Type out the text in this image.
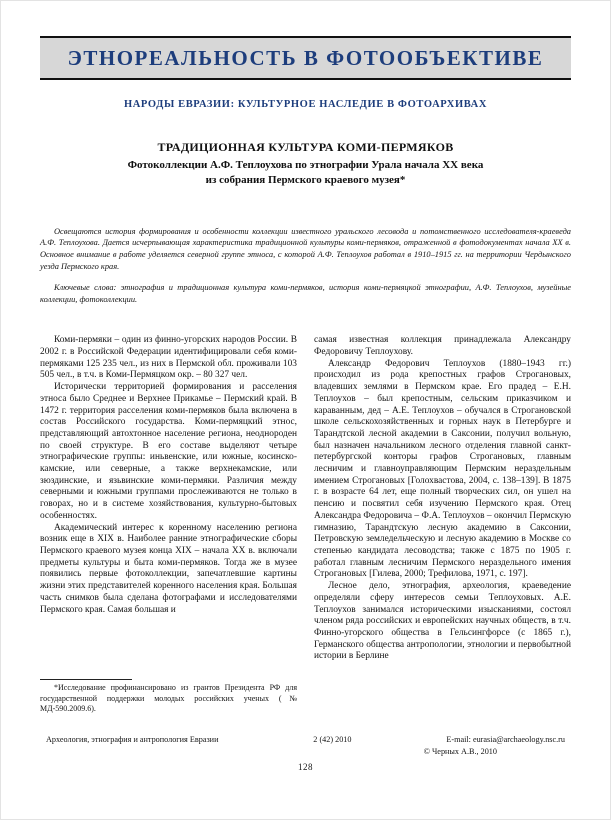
ЭТНОРЕАЛЬНОСТЬ В ФОТООБЪЕКТИВЕ
НАРОДЫ ЕВРАЗИИ: КУЛЬТУРНОЕ НАСЛЕДИЕ В ФОТОАРХИВАХ
ТРАДИЦИОННАЯ КУЛЬТУРА КОМИ-ПЕРМЯКОВ
Фотоколлекции А.Ф. Теплоухова по этнографии Урала начала XX века
из собрания Пермского краевого музея*

Освещаются история формирования и особенности коллекции известного уральского лесовода и потомственного исследователя-краеведа А.Ф. Теплоухова. Дается исчерпывающая характеристика традиционной культуры коми-пермяков, отраженной в фотодокументах начала XX в. Основное внимание в работе уделяется северной группе этноса, с которой А.Ф. Теплоухов работал в 1910–1915 гг. на территории Чердынского уезда Пермского края.

Ключевые слова: этнография и традиционная культура коми-пермяков, история коми-пермяцкой этнографии, А.Ф. Теплоухов, музейные коллекции, фотоколлекции.

Коми-пермяки – один из финно-угорских народов России. В 2002 г. в Российской Федерации идентифицировали себя коми-пермяками 125 235 чел., из них в Пермской обл. проживали 103 505 чел., в т.ч. в Коми-Пермяцком окр. – 80 327 чел.

Исторически территорией формирования и расселения этноса было Среднее и Верхнее Прикамье – Пермский край. В 1472 г. территория расселения коми-пермяков была включена в состав Российского государства. Коми-пермяцкий этнос, представляющий автохтонное население региона, неоднороден по своей структуре. В его составе выделяют четыре этнографические группы: иньвенские, или южные, косинско-камские, или северные, а также верхнекамские, или зюздинские, и язьвинские коми-пермяки. Различия между северными и южными группами прослеживаются не только в говорах, но и в системе хозяйствования, культурно-бытовых особенностях.

Академический интерес к коренному населению региона возник еще в XIX в. Наиболее ранние этнографические сборы Пермского краевого музея конца XIX – начала XX в. включали предметы культуры и быта коми-пермяков. Тогда же в музее появились первые фотоколлекции, запечатлевшие картины жизни этих представителей коренного населения края. Большая часть снимков была сделана фотографами и исследователями Пермского края. Самая большая и

самая известная коллекция принадлежала Александру Федоровичу Теплоухову.

Александр Федорович Теплоухов (1880–1943 гг.) происходил из рода крепостных графов Строгановых, владевших землями в Пермском крае. Его прадед – Е.Н. Теплоухов – был крепостным, сельским приказчиком и караванным, дед – А.Е. Теплоухов – обучался в Строгановской школе сельскохозяйственных и горных наук в Петербурге и Тарандтской лесной академии в Саксонии, получил вольную, был назначен начальником лесного отделения главной санкт-петербургской конторы графов Строгановых, главным лесничим и главноуправляющим Пермским нераздельным имением Строгановых [Голохвастова, 2004, с. 138–139]. В 1875 г. в возрасте 64 лет, еще полный творческих сил, он ушел на пенсию и посвятил себя изучению Пермского края. Отец Александра Федоровича – Ф.А. Теплоухов – окончил Пермскую гимназию, Тарандтскую лесную академию в Саксонии, Петровскую земледельческую и лесную академию в Москве со степенью кандидата лесоводства; также с 1875 по 1905 г. работал главным лесничим Пермского нераздельного имения Строгановых [Гилева, 2000; Трефилова, 1971, с. 197].

Лесное дело, этнография, археология, краеведение определяли сферу интересов семьи Теплоуховых. А.Е. Теплоухов занимался историческими изысканиями, состоял членом ряда российских и европейских научных обществ, в т.ч. Финно-угорского общества в Гельсингфорсе (с 1865 г.), Германского общества антропологии, этнологии и первобытной истории в Берлине

*Исследование профинансировано из грантов Президента РФ для государственной поддержки молодых российских ученых (№ МД-590.2009.6).

Археология, этнография и антропология Евразии	2 (42) 2010	E-mail: eurasia@archaeology.nsc.ru
© Черных А.В., 2010
128
